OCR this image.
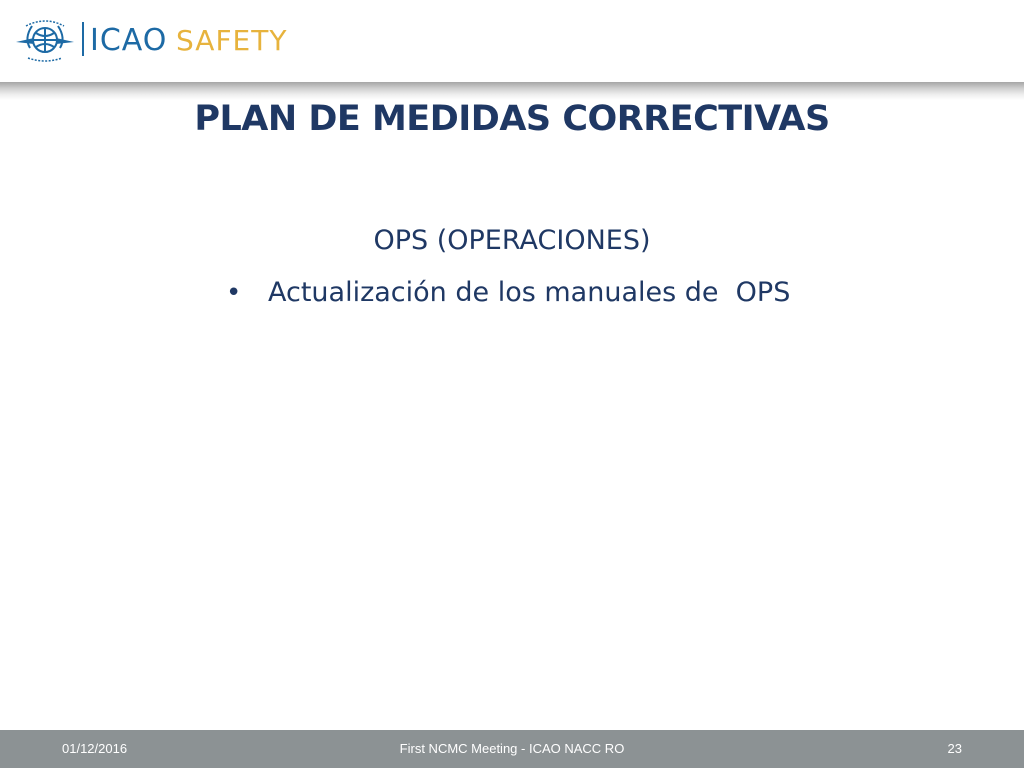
ICAO SAFETY
PLAN DE MEDIDAS CORRECTIVAS
OPS (OPERACIONES)
• Actualización de los manuales de  OPS
01/12/2016	First NCMC Meeting - ICAO NACC RO	23
